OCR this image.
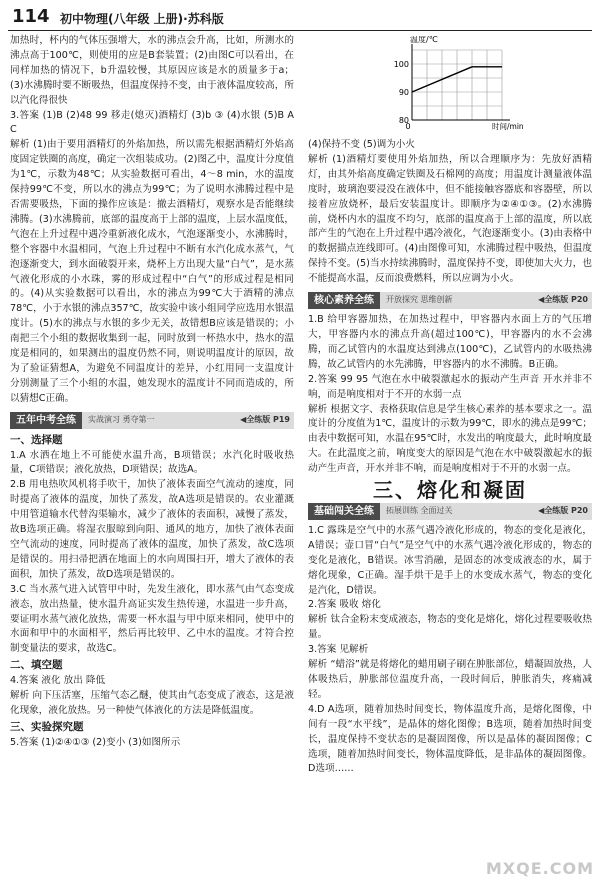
114 初中物理(八年级 上册)·苏科版

加热时，杯内的气体压强增大，水的沸点会升高，比如，所测水的沸点高于100℃，则使用的应是B套装置；(2)由图C可以看出，在同样加热的情况下，b升温较慢，其原因应该是水的质量多于a；(3)水沸腾时要不断吸热，但温度保持不变，由于液体温度较高，所以汽化得很快

3.答案 (1)B (2)48 99 移走(熄灭)酒精灯 (3)b ③ (4)水银 (5)B A C

解析 (1)由于要用酒精灯的外焰加热，所以需先根据酒精灯外焰高度固定铁圈的高度，确定一次组装成功。(2)图乙中，温度计分度值为1℃，示数为48℃；从实验数据可看出，4～8 min，水的温度保持99℃不变，所以水的沸点为99℃；为了说明水沸腾过程中是否需要吸热，下面的操作应该是：撤去酒精灯，观察水是否能继续沸腾。(3)水沸腾前，底部的温度高于上部的温度，上层水温度低，气泡在上升过程中遇冷重新液化成水，气泡逐渐变小，水沸腾时，整个容器中水温相同，气泡上升过程中不断有水汽化成水蒸气，气泡逐渐变大，到水面破裂开来，烧杯上方出现大量“白气”，是水蒸气液化形成的小水珠，雾的形成过程中“白气”的形成过程是相同的。(4)从实验数据可以看出，水的沸点为99℃大于酒精的沸点78℃，小于水银的沸点357℃，故实验中该小组同学应选用水银温度计。(5)水的沸点与水银的多少无关，故错想B应该是错误的；小南把三个小组的数据收集到一起，同时放到一杯热水中，热水的温度是相同的，如果测出的温度仍然不同，则说明温度计的原因，故为了验证猜想A，为避免不同温度计的差异，小红用同一支温度计分别测量了三个小组的水温，她发现水的温度计不同而造成的，所以猜想C正确。

五年中考全练	实战演习 勇夺第一	◀全练版 P19

一、选择题

1.A 水洒在地上不可能使水温升高，B项错误；水汽化时吸收热量，C项错误；液化放热，D项错误；故选A。

2.B 用电热吹风机将手吹干，加快了液体表面空气流动的速度，同时提高了液体的温度，加快了蒸发，故A选项是错误的。农业灌溉中用管道输水代替沟渠输水，减少了液体的表面积，减慢了蒸发，故B选项正确。将湿衣服晾到向阳、通风的地方，加快了液体表面空气流动的速度，同时提高了液体的温度，加快了蒸发，故C选项是错误的。用扫帚把洒在地面上的水向周围扫开，增大了液体的表面积，加快了蒸发，故D选项是错误的。

3.C 当水蒸气进入试管甲中时，先发生液化，即水蒸气由气态变成液态，放出热量，使水温升高证实发生热传递，水温进一步升高，要证明水蒸气液化放热，需要一杯水温与甲中原来相同，使甲中的水面和甲中的水面相平，然后再比较甲、乙中水的温度。才符合控制变量法的要求，故选C。

二、填空题

4.答案 液化 放出 降低

解析 向下压活塞，压缩气态乙醚，使其由气态变成了液态，这是液化现象，液化放热。另一种使气体液化的方法是降低温度。

三、实验探究题

5.答案 (1)②④①③ (2)变小 (3)如图所示

80
90
100
0
温度/℃
时间/min

(4)保持不变 (5)调为小火

解析 (1)酒精灯要使用外焰加热，所以合理顺序为：先放好酒精灯，由其外焰高度确定铁圈及石棉网的高度；用温度计测量液体温度时，玻璃泡要浸没在液体中，但不能接触容器底和容器壁，所以接着应放烧杯，最后安装温度计。即顺序为②④①③。(2)水沸腾前，烧杯内水的温度不均匀，底部的温度高于上部的温度，所以底部产生的气泡在上升过程中遇冷液化，气泡逐渐变小。(3)由表格中的数据描点连线即可。(4)由图像可知，水沸腾过程中吸热，但温度保持不变。(5)当水持续沸腾时，温度保持不变，即使加大火力，也不能提高水温，反而浪费燃料，所以应调为小火。

核心素养全练	开放探究 思维创新	◀全练版 P20

1.B 给甲容器加热，在加热过程中，甲容器内水面上方的气压增大，甲容器内水的沸点升高(超过100℃)，甲容器内的水不会沸腾，而乙试管内的水温度达到沸点(100℃)，乙试管内的水吸热沸腾，故乙试管内的水先沸腾，甲容器内的水不沸腾。B正确。

2.答案 99 95 气泡在水中破裂激起水的振动产生声音 开水并非不响，而是响度相对于不开的水弱一点

解析 根据文字、表格获取信息是学生核心素养的基本要求之一。温度计的分度值为1℃，温度计的示数为99℃，即水的沸点是99℃；由表中数据可知，水温在95℃时，水发出的响度最大，此时响度最大。在此温度之前，响度变大的原因是气泡在水中破裂激起水的振动产生声音，开水并非不响，而是响度相对于不开的水弱一点。

三、熔化和凝固
基础闯关全练	拓展训练 全面过关	◀全练版 P20

1.C 露珠是空气中的水蒸气遇冷液化形成的，物态的变化是液化，A错误；壶口冒“白气”是空气中的水蒸气遇冷液化形成的，物态的变化是液化，B错误。冰雪消融，是固态的冰变成液态的水，属于熔化现象，C正确。湿手烘干是手上的水变成水蒸气，物态的变化是汽化，D错误。

2.答案 吸收 熔化

解析 钛合金粉末变成液态，物态的变化是熔化，熔化过程要吸收热量。

3.答案 见解析

解析 “蜡浴”就是将熔化的蜡用刷子刷在肿胀部位，蜡凝固放热，人体吸热后，肿胀部位温度升高，一段时间后，肿胀消失，疼痛减轻。

4.D A选项，随着加热时间变长，物体温度升高，是熔化图像，中间有一段“水平线”，是晶体的熔化图像；B选项，随着加热时间变长，温度保持不变状态的是凝固图像，所以是晶体的凝固图像；C选项，随着加热时间变长，物体温度降低，是非晶体的凝固图像。D选项……

MXQE.COM
